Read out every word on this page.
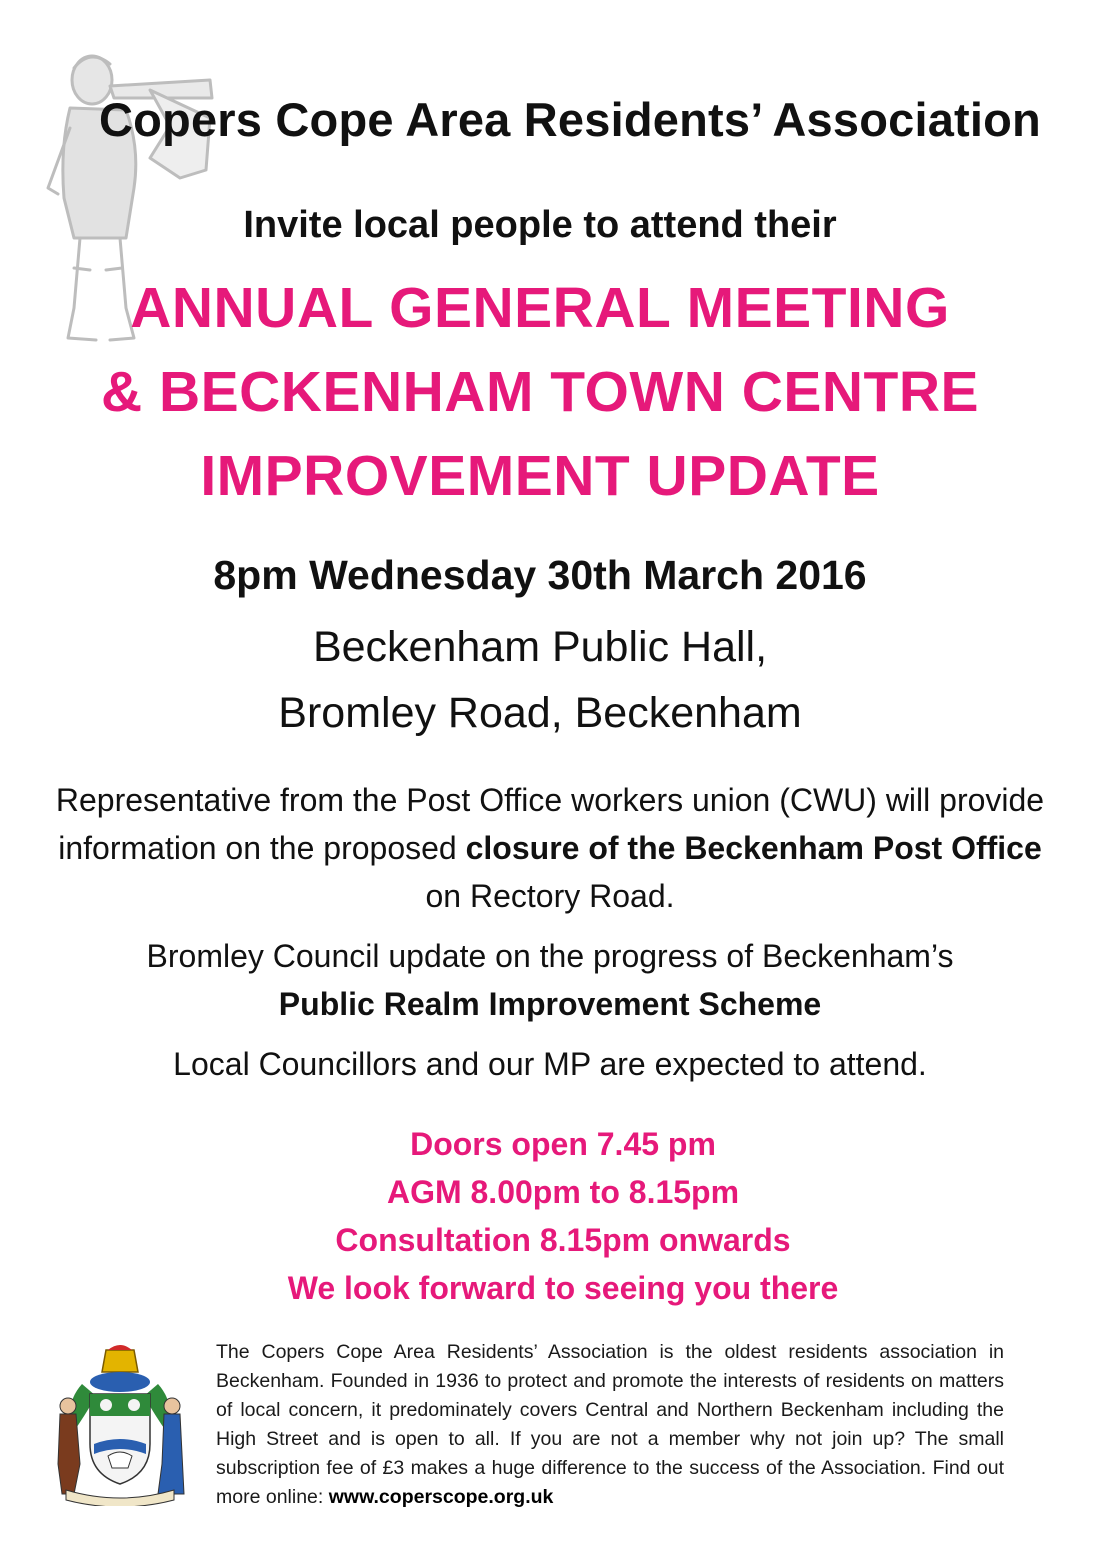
Copers Cope Area Residents’ Association
Invite local people to attend their
ANNUAL GENERAL MEETING
& BECKENHAM TOWN CENTRE
IMPROVEMENT UPDATE
8pm Wednesday 30th March 2016
Beckenham Public Hall,
Bromley Road, Beckenham
Representative from the Post Office workers union (CWU) will provide information on the proposed closure of the Beckenham Post Office on Rectory Road.
Bromley Council update on the progress of Beckenham’s
Public Realm Improvement Scheme
Local Councillors and our MP are expected to attend.
Doors open 7.45 pm
AGM 8.00pm to 8.15pm
Consultation 8.15pm onwards
We look forward to seeing you there
The Copers Cope Area Residents’ Association is the oldest residents association in Beckenham. Founded in 1936 to protect and promote the interests of residents on matters of local concern, it predominately covers Central and Northern Beckenham including the High Street and is open to all. If you are not a member why not join up? The small subscription fee of £3 makes a huge difference to the success of the Association. Find out more online: www.coperscope.org.uk
